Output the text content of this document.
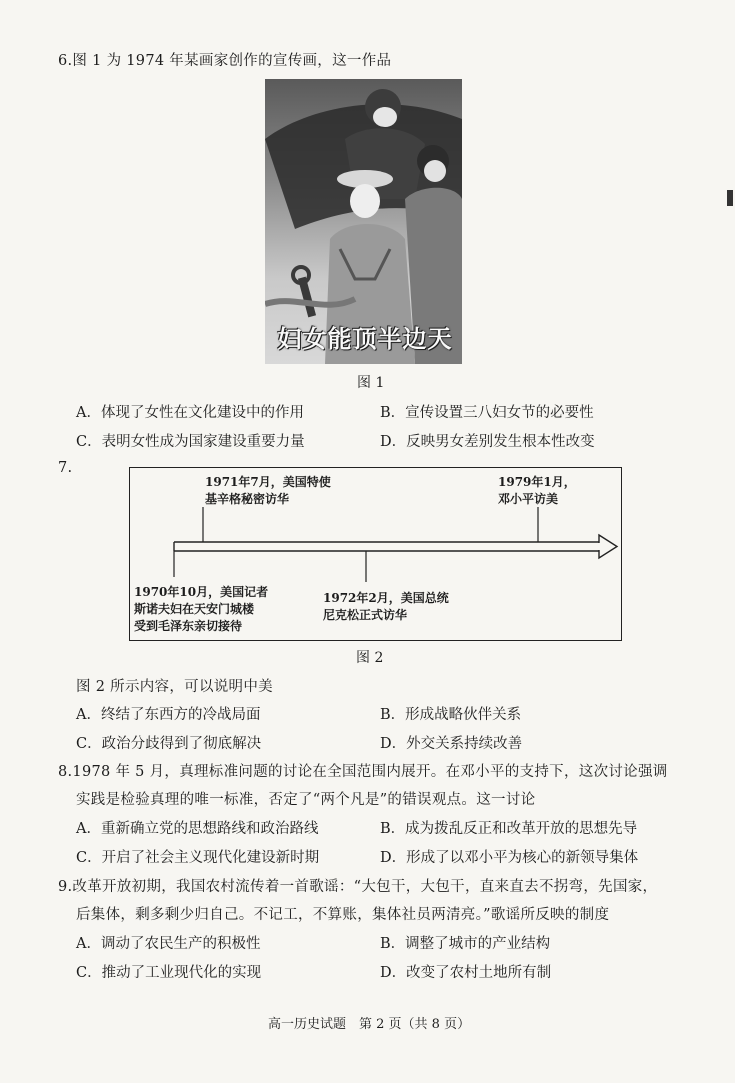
6.图 1 为 1974 年某画家创作的宣传画，这一作品
妇女能顶半边天
图 1
A．体现了女性在文化建设中的作用	B．宣传设置三八妇女节的必要性
C．表明女性成为国家建设重要力量	D．反映男女差别发生根本性改变
7.
1971年7月，美国特使
基辛格秘密访华
1979年1月，
邓小平访美
1970年10月，美国记者
斯诺夫妇在天安门城楼
受到毛泽东亲切接待
1972年2月，美国总统
尼克松正式访华
图 2
图 2 所示内容，可以说明中美
A．终结了东西方的冷战局面	B．形成战略伙伴关系
C．政治分歧得到了彻底解决	D．外交关系持续改善
8.1978 年 5 月，真理标准问题的讨论在全国范围内展开。在邓小平的支持下，这次讨论强调
实践是检验真理的唯一标准，否定了“两个凡是”的错误观点。这一讨论
A．重新确立党的思想路线和政治路线	B．成为拨乱反正和改革开放的思想先导
C．开启了社会主义现代化建设新时期	D．形成了以邓小平为核心的新领导集体
9.改革开放初期，我国农村流传着一首歌谣：“大包干，大包干，直来直去不拐弯，先国家，
后集体，剩多剩少归自己。不记工，不算账，集体社员两清亮。”歌谣所反映的制度
A．调动了农民生产的积极性	B．调整了城市的产业结构
C．推动了工业现代化的实现	D．改变了农村土地所有制
高一历史试题　第 2 页（共 8 页）
